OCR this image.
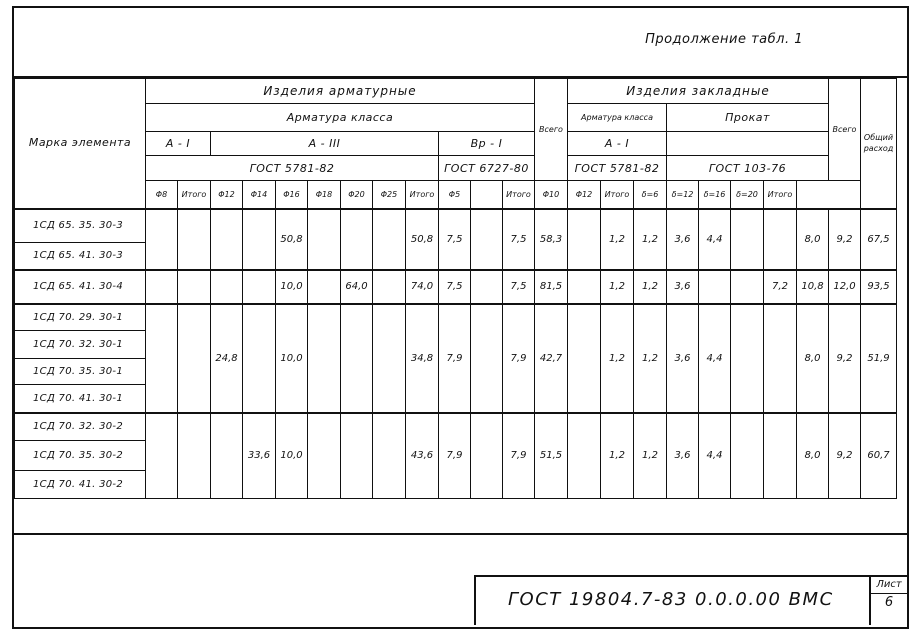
Продолжение табл. 1
Марка элемента	Изделия арматурные												Всего	Изделия закладные								Всего	Общий расход
	Арматура класса													Арматура класса			Прокат						
	A - I		A - III							Bp - I				A - I									
	ГОСТ 5781-82									ГОСТ 6727-80				ГОСТ 5781-82			ГОСТ 103-76						
	Φ8	Итого	Φ12	Φ14	Φ16	Φ18	Φ20	Φ25	Итого	Φ5		Итого	Φ10	Φ12	Итого	δ=6	δ=12	δ=16	δ=20	Итого			
1СД 65. 35. 30-3					50,8				50,8	7,5		7,5	58,3		1,2	1,2	3,6	4,4			8,0	9,2	67,5
1СД 65. 41. 30-3																							
1СД 65. 41. 30-4					10,0		64,0		74,0	7,5		7,5	81,5		1,2	1,2	3,6			7,2	10,8	12,0	93,5
1СД 70. 29. 30-1			24,8		10,0				34,8	7,9		7,9	42,7		1,2	1,2	3,6	4,4			8,0	9,2	51,9
1СД 70. 32. 30-1																							
1СД 70. 35. 30-1																							
1СД 70. 41. 30-1																							
1СД 70. 32. 30-2				33,6	10,0				43,6	7,9		7,9	51,5		1,2	1,2	3,6	4,4			8,0	9,2	60,7
1СД 70. 35. 30-2																							
1СД 70. 41. 30-2																							
ГОСТ 19804.7-83 0.0.0.00 ВМС
Лист
6
